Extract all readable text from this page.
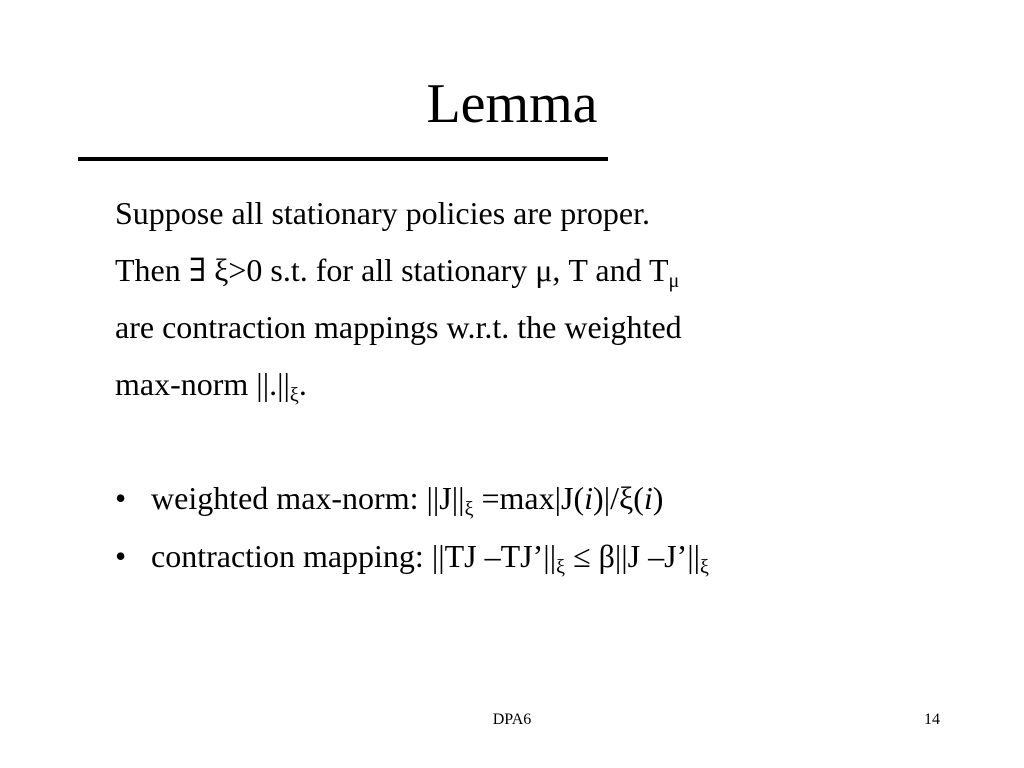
Lemma
Suppose all stationary policies are proper.
Then ∃ ξ>0 s.t. for all stationary μ, T and $T_\mu$
are contraction mappings w.r.t. the weighted
max-norm $||.||_\xi$.
• weighted max-norm: $||J||_\xi =\max|J(i)|/\xi(i)$
• contraction mapping: ||TJ $-TJ’||_\xi \le \beta||J$ $-J’||_\xi$
DPA6	14
